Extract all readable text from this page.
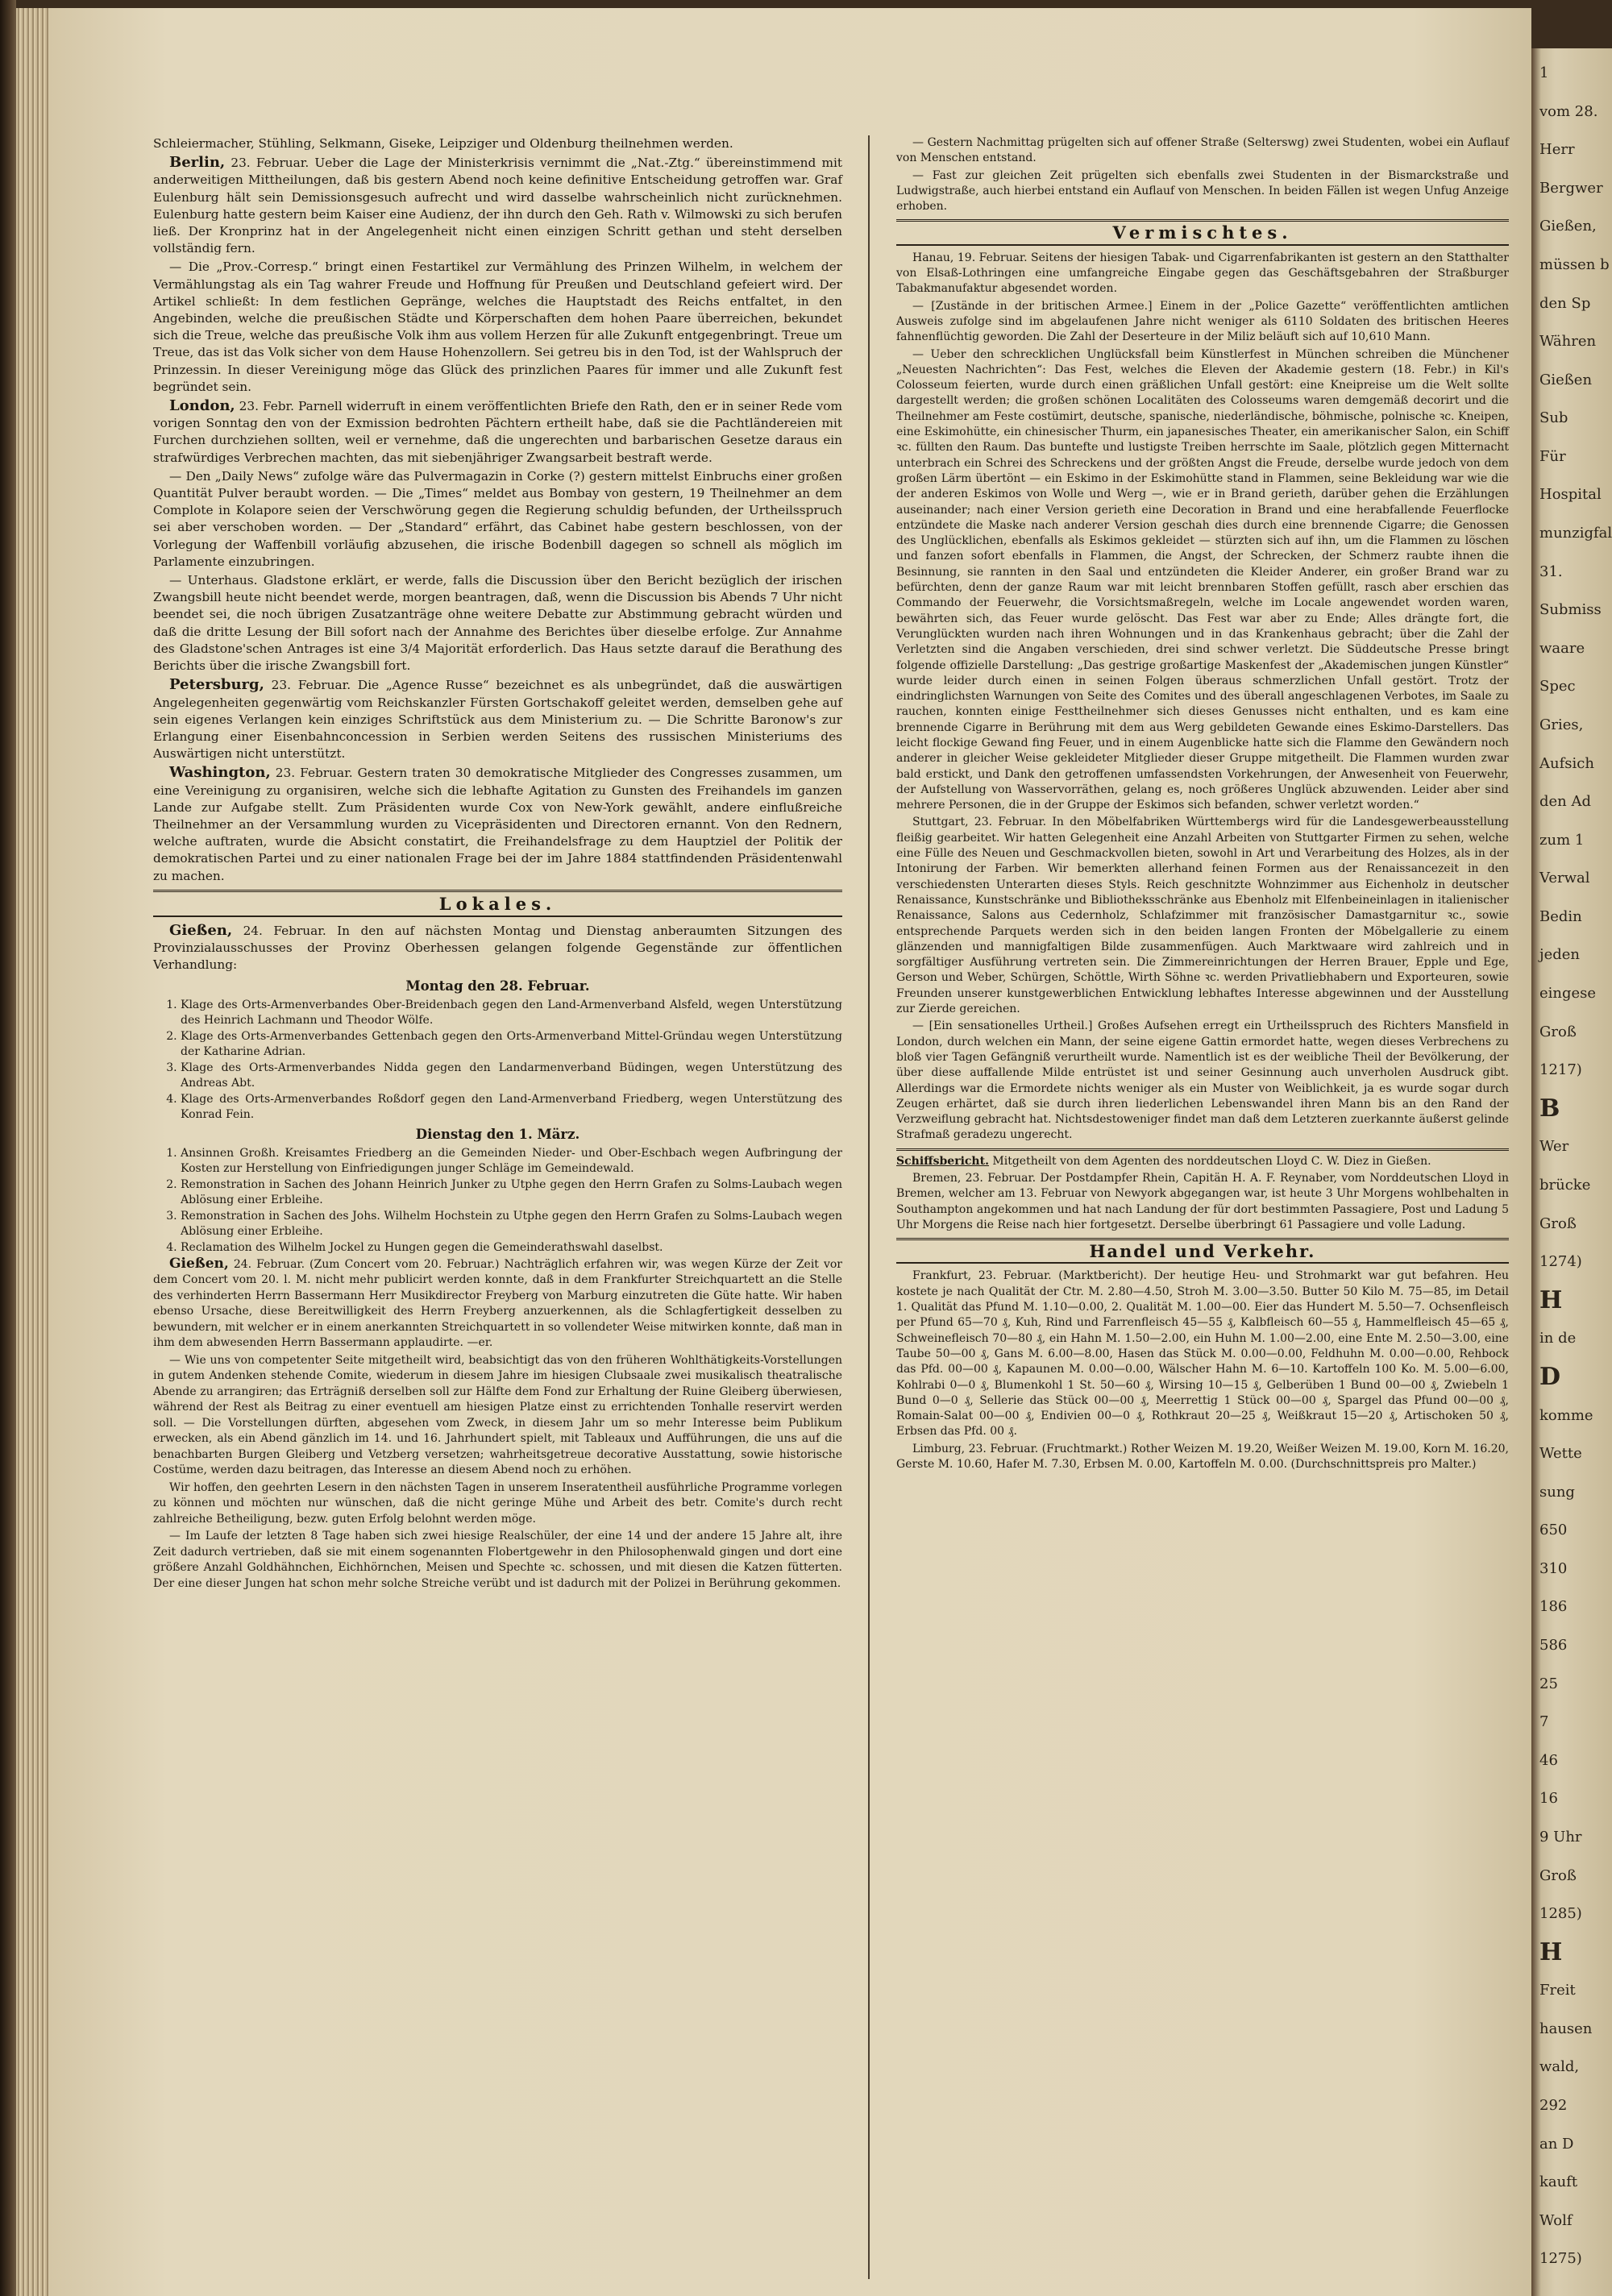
Schleiermacher, Stühling, Selkmann, Giseke, Leipziger und Oldenburg theilnehmen werden.

Berlin, 23. Februar. Ueber die Lage der Ministerkrisis vernimmt die „Nat.-Ztg.“ übereinstimmend mit anderweitigen Mittheilungen, daß bis gestern Abend noch keine definitive Entscheidung getroffen war. Graf Eulenburg hält sein Demissionsgesuch aufrecht und wird dasselbe wahrscheinlich nicht zurücknehmen. Eulenburg hatte gestern beim Kaiser eine Audienz, der ihn durch den Geh. Rath v. Wilmowski zu sich berufen ließ. Der Kronprinz hat in der Angelegenheit nicht einen einzigen Schritt gethan und steht derselben vollständig fern.

— Die „Prov.-Corresp.“ bringt einen Festartikel zur Vermählung des Prinzen Wilhelm, in welchem der Vermählungstag als ein Tag wahrer Freude und Hoffnung für Preußen und Deutschland gefeiert wird. Der Artikel schließt: In dem festlichen Gepränge, welches die Hauptstadt des Reichs entfaltet, in den Angebinden, welche die preußischen Städte und Körperschaften dem hohen Paare überreichen, bekundet sich die Treue, welche das preußische Volk ihm aus vollem Herzen für alle Zukunft entgegenbringt. Treue um Treue, das ist das Volk sicher von dem Hause Hohenzollern. Sei getreu bis in den Tod, ist der Wahlspruch der Prinzessin. In dieser Vereinigung möge das Glück des prinzlichen Paares für immer und alle Zukunft fest begründet sein.

London, 23. Febr. Parnell widerruft in einem veröffentlichten Briefe den Rath, den er in seiner Rede vom vorigen Sonntag den von der Exmission bedrohten Pächtern ertheilt habe, daß sie die Pachtländereien mit Furchen durchziehen sollten, weil er vernehme, daß die ungerechten und barbarischen Gesetze daraus ein strafwürdiges Verbrechen machten, das mit siebenjähriger Zwangsarbeit bestraft werde.

— Den „Daily News“ zufolge wäre das Pulvermagazin in Corke (?) gestern mittelst Einbruchs einer großen Quantität Pulver beraubt worden. — Die „Times“ meldet aus Bombay von gestern, 19 Theilnehmer an dem Complote in Kolapore seien der Verschwörung gegen die Regierung schuldig befunden, der Urtheilsspruch sei aber verschoben worden. — Der „Standard“ erfährt, das Cabinet habe gestern beschlossen, von der Vorlegung der Waffenbill vorläufig abzusehen, die irische Bodenbill dagegen so schnell als möglich im Parlamente einzubringen.

— Unterhaus. Gladstone erklärt, er werde, falls die Discussion über den Bericht bezüglich der irischen Zwangsbill heute nicht beendet werde, morgen beantragen, daß, wenn die Discussion bis Abends 7 Uhr nicht beendet sei, die noch übrigen Zusatzanträge ohne weitere Debatte zur Abstimmung gebracht würden und daß die dritte Lesung der Bill sofort nach der Annahme des Berichtes über dieselbe erfolge. Zur Annahme des Gladstone'schen Antrages ist eine 3/4 Majorität erforderlich. Das Haus setzte darauf die Berathung des Berichts über die irische Zwangsbill fort.

Petersburg, 23. Februar. Die „Agence Russe“ bezeichnet es als unbegründet, daß die auswärtigen Angelegenheiten gegenwärtig vom Reichskanzler Fürsten Gortschakoff geleitet werden, demselben gehe auf sein eigenes Verlangen kein einziges Schriftstück aus dem Ministerium zu. — Die Schritte Baronow's zur Erlangung einer Eisenbahnconcession in Serbien werden Seitens des russischen Ministeriums des Auswärtigen nicht unterstützt.

Washington, 23. Februar. Gestern traten 30 demokratische Mitglieder des Congresses zusammen, um eine Vereinigung zu organisiren, welche sich die lebhafte Agitation zu Gunsten des Freihandels im ganzen Lande zur Aufgabe stellt. Zum Präsidenten wurde Cox von New-York gewählt, andere einflußreiche Theilnehmer an der Versammlung wurden zu Vicepräsidenten und Directoren ernannt. Von den Rednern, welche auftraten, wurde die Absicht constatirt, die Freihandelsfrage zu dem Hauptziel der Politik der demokratischen Partei und zu einer nationalen Frage bei der im Jahre 1884 stattfindenden Präsidentenwahl zu machen.

Lokales.

Gießen, 24. Februar. In den auf nächsten Montag und Dienstag anberaumten Sitzungen des Provinzialausschusses der Provinz Oberhessen gelangen folgende Gegenstände zur öffentlichen Verhandlung:

Montag den 28. Februar.
1. Klage des Orts-Armenverbandes Ober-Breidenbach gegen den Land-Armenverband Alsfeld, wegen Unterstützung des Heinrich Lachmann und Theodor Wölfe.
2. Klage des Orts-Armenverbandes Gettenbach gegen den Orts-Armenverband Mittel-Gründau wegen Unterstützung der Katharine Adrian.
3. Klage des Orts-Armenverbandes Nidda gegen den Landarmenverband Büdingen, wegen Unterstützung des Andreas Abt.
4. Klage des Orts-Armenverbandes Roßdorf gegen den Land-Armenverband Friedberg, wegen Unterstützung des Konrad Fein.
Dienstag den 1. März.
1. Ansinnen Großh. Kreisamtes Friedberg an die Gemeinden Nieder- und Ober-Eschbach wegen Aufbringung der Kosten zur Herstellung von Einfriedigungen junger Schläge im Gemeindewald.
2. Remonstration in Sachen des Johann Heinrich Junker zu Utphe gegen den Herrn Grafen zu Solms-Laubach wegen Ablösung einer Erbleihe.
3. Remonstration in Sachen des Johs. Wilhelm Hochstein zu Utphe gegen den Herrn Grafen zu Solms-Laubach wegen Ablösung einer Erbleihe.
4. Reclamation des Wilhelm Jockel zu Hungen gegen die Gemeinderathswahl daselbst.

Gießen, 24. Februar. (Zum Concert vom 20. Februar.) Nachträglich erfahren wir, was wegen Kürze der Zeit vor dem Concert vom 20. l. M. nicht mehr publicirt werden konnte, daß in dem Frankfurter Streichquartett an die Stelle des verhinderten Herrn Bassermann Herr Musikdirector Freyberg von Marburg einzutreten die Güte hatte. Wir haben ebenso Ursache, diese Bereitwilligkeit des Herrn Freyberg anzuerkennen, als die Schlagfertigkeit desselben zu bewundern, mit welcher er in einem anerkannten Streichquartett in so vollendeter Weise mitwirken konnte, daß man in ihm dem abwesenden Herrn Bassermann applaudirte. —er.

— Wie uns von competenter Seite mitgetheilt wird, beabsichtigt das von den früheren Wohlthätigkeits-Vorstellungen in gutem Andenken stehende Comite, wiederum in diesem Jahre im hiesigen Clubsaale zwei musikalisch theatralische Abende zu arrangiren; das Erträgniß derselben soll zur Hälfte dem Fond zur Erhaltung der Ruine Gleiberg überwiesen, während der Rest als Beitrag zu einer eventuell am hiesigen Platze einst zu errichtenden Tonhalle reservirt werden soll. — Die Vorstellungen dürften, abgesehen vom Zweck, in diesem Jahr um so mehr Interesse beim Publikum erwecken, als ein Abend gänzlich im 14. und 16. Jahrhundert spielt, mit Tableaux und Aufführungen, die uns auf die benachbarten Burgen Gleiberg und Vetzberg versetzen; wahrheitsgetreue decorative Ausstattung, sowie historische Costüme, werden dazu beitragen, das Interesse an diesem Abend noch zu erhöhen.

Wir hoffen, den geehrten Lesern in den nächsten Tagen in unserem Inseratentheil ausführliche Programme vorlegen zu können und möchten nur wünschen, daß die nicht geringe Mühe und Arbeit des betr. Comite's durch recht zahlreiche Betheiligung, bezw. guten Erfolg belohnt werden möge.

— Im Laufe der letzten 8 Tage haben sich zwei hiesige Realschüler, der eine 14 und der andere 15 Jahre alt, ihre Zeit dadurch vertrieben, daß sie mit einem sogenannten Flobertgewehr in den Philosophenwald gingen und dort eine größere Anzahl Goldhähnchen, Eichhörnchen, Meisen und Spechte ꝛc. schossen, und mit diesen die Katzen fütterten. Der eine dieser Jungen hat schon mehr solche Streiche verübt und ist dadurch mit der Polizei in Berührung gekommen.

— Gestern Nachmittag prügelten sich auf offener Straße (Selterswg) zwei Studenten, wobei ein Auflauf von Menschen entstand.

— Fast zur gleichen Zeit prügelten sich ebenfalls zwei Studenten in der Bismarckstraße und Ludwigstraße, auch hierbei entstand ein Auflauf von Menschen. In beiden Fällen ist wegen Unfug Anzeige erhoben.

Vermischtes.

Hanau, 19. Februar. Seitens der hiesigen Tabak- und Cigarrenfabrikanten ist gestern an den Statthalter von Elsaß-Lothringen eine umfangreiche Eingabe gegen das Geschäftsgebahren der Straßburger Tabakmanufaktur abgesendet worden.

— [Zustände in der britischen Armee.] Einem in der „Police Gazette“ veröffentlichten amtlichen Ausweis zufolge sind im abgelaufenen Jahre nicht weniger als 6110 Soldaten des britischen Heeres fahnenflüchtig geworden. Die Zahl der Deserteure in der Miliz beläuft sich auf 10,610 Mann.

— Ueber den schrecklichen Unglücksfall beim Künstlerfest in München schreiben die Münchener „Neuesten Nachrichten“: Das Fest, welches die Eleven der Akademie gestern (18. Febr.) in Kil's Colosseum feierten, wurde durch einen gräßlichen Unfall gestört: eine Kneipreise um die Welt sollte dargestellt werden; die großen schönen Localitäten des Colosseums waren demgemäß decorirt und die Theilnehmer am Feste costümirt, deutsche, spanische, niederländische, böhmische, polnische ꝛc. Kneipen, eine Eskimohütte, ein chinesischer Thurm, ein japanesisches Theater, ein amerikanischer Salon, ein Schiff ꝛc. füllten den Raum. Das buntefte und lustigste Treiben herrschte im Saale, plötzlich gegen Mitternacht unterbrach ein Schrei des Schreckens und der größten Angst die Freude, derselbe wurde jedoch von dem großen Lärm übertönt — ein Eskimo in der Eskimohütte stand in Flammen, seine Bekleidung war wie die der anderen Eskimos von Wolle und Werg —, wie er in Brand gerieth, darüber gehen die Erzählungen auseinander; nach einer Version gerieth eine Decoration in Brand und eine herabfallende Feuerflocke entzündete die Maske nach anderer Version geschah dies durch eine brennende Cigarre; die Genossen des Unglücklichen, ebenfalls als Eskimos gekleidet — stürzten sich auf ihn, um die Flammen zu löschen und fanzen sofort ebenfalls in Flammen, die Angst, der Schrecken, der Schmerz raubte ihnen die Besinnung, sie rannten in den Saal und entzündeten die Kleider Anderer, ein großer Brand war zu befürchten, denn der ganze Raum war mit leicht brennbaren Stoffen gefüllt, rasch aber erschien das Commando der Feuerwehr, die Vorsichtsmaßregeln, welche im Locale angewendet worden waren, bewährten sich, das Feuer wurde gelöscht. Das Fest war aber zu Ende; Alles drängte fort, die Verunglückten wurden nach ihren Wohnungen und in das Krankenhaus gebracht; über die Zahl der Verletzten sind die Angaben verschieden, drei sind schwer verletzt. Die Süddeutsche Presse bringt folgende offizielle Darstellung: „Das gestrige großartige Maskenfest der „Akademischen jungen Künstler“ wurde leider durch einen in seinen Folgen überaus schmerzlichen Unfall gestört. Trotz der eindringlichsten Warnungen von Seite des Comites und des überall angeschlagenen Verbotes, im Saale zu rauchen, konnten einige Festtheilnehmer sich dieses Genusses nicht enthalten, und es kam eine brennende Cigarre in Berührung mit dem aus Werg gebildeten Gewande eines Eskimo-Darstellers. Das leicht flockige Gewand fing Feuer, und in einem Augenblicke hatte sich die Flamme den Gewändern noch anderer in gleicher Weise gekleideter Mitglieder dieser Gruppe mitgetheilt. Die Flammen wurden zwar bald erstickt, und Dank den getroffenen umfassendsten Vorkehrungen, der Anwesenheit von Feuerwehr, der Aufstellung von Wasservorräthen, gelang es, noch größeres Unglück abzuwenden. Leider aber sind mehrere Personen, die in der Gruppe der Eskimos sich befanden, schwer verletzt worden.“

Stuttgart, 23. Februar. In den Möbelfabriken Württembergs wird für die Landesgewerbeausstellung fleißig gearbeitet. Wir hatten Gelegenheit eine Anzahl Arbeiten von Stuttgarter Firmen zu sehen, welche eine Fülle des Neuen und Geschmackvollen bieten, sowohl in Art und Verarbeitung des Holzes, als in der Intonirung der Farben. Wir bemerkten allerhand feinen Formen aus der Renaissancezeit in den verschiedensten Unterarten dieses Styls. Reich geschnitzte Wohnzimmer aus Eichenholz in deutscher Renaissance, Kunstschränke und Bibliotheksschränke aus Ebenholz mit Elfenbeineinlagen in italienischer Renaissance, Salons aus Cedernholz, Schlafzimmer mit französischer Damastgarnitur ꝛc., sowie entsprechende Parquets werden sich in den beiden langen Fronten der Möbelgallerie zu einem glänzenden und mannigfaltigen Bilde zusammenfügen. Auch Marktwaare wird zahlreich und in sorgfältiger Ausführung vertreten sein. Die Zimmereinrichtungen der Herren Brauer, Epple und Ege, Gerson und Weber, Schürgen, Schöttle, Wirth Söhne ꝛc. werden Privatliebhabern und Exporteuren, sowie Freunden unserer kunstgewerblichen Entwicklung lebhaftes Interesse abgewinnen und der Ausstellung zur Zierde gereichen.

— [Ein sensationelles Urtheil.] Großes Aufsehen erregt ein Urtheilsspruch des Richters Mansfield in London, durch welchen ein Mann, der seine eigene Gattin ermordet hatte, wegen dieses Verbrechens zu bloß vier Tagen Gefängniß verurtheilt wurde. Namentlich ist es der weibliche Theil der Bevölkerung, der über diese auffallende Milde entrüstet ist und seiner Gesinnung auch unverholen Ausdruck gibt. Allerdings war die Ermordete nichts weniger als ein Muster von Weiblichkeit, ja es wurde sogar durch Zeugen erhärtet, daß sie durch ihren liederlichen Lebenswandel ihren Mann bis an den Rand der Verzweiflung gebracht hat. Nichtsdestoweniger findet man daß dem Letzteren zuerkannte äußerst gelinde Strafmaß geradezu ungerecht.

Schiffsbericht. Mitgetheilt von dem Agenten des norddeutschen Lloyd C. W. Diez in Gießen.

Bremen, 23. Februar. Der Postdampfer Rhein, Capitän H. A. F. Reynaber, vom Norddeutschen Lloyd in Bremen, welcher am 13. Februar von Newyork abgegangen war, ist heute 3 Uhr Morgens wohlbehalten in Southampton angekommen und hat nach Landung der für dort bestimmten Passagiere, Post und Ladung 5 Uhr Morgens die Reise nach hier fortgesetzt. Derselbe überbringt 61 Passagiere und volle Ladung.

Handel und Verkehr.

Frankfurt, 23. Februar. (Marktbericht). Der heutige Heu- und Strohmarkt war gut befahren. Heu kostete je nach Qualität der Ctr. M. 2.80—4.50, Stroh M. 3.00—3.50. Butter 50 Kilo M. 75—85, im Detail 1. Qualität das Pfund M. 1.10—0.00, 2. Qualität M. 1.00—00. Eier das Hundert M. 5.50—7. Ochsenfleisch per Pfund 65—70 ₰, Kuh, Rind und Farrenfleisch 45—55 ₰, Kalbfleisch 60—55 ₰, Hammelfleisch 45—65 ₰, Schweinefleisch 70—80 ₰, ein Hahn M. 1.50—2.00, ein Huhn M. 1.00—2.00, eine Ente M. 2.50—3.00, eine Taube 50—00 ₰, Gans M. 6.00—8.00, Hasen das Stück M. 0.00—0.00, Feldhuhn M. 0.00—0.00, Rehbock das Pfd. 00—00 ₰, Kapaunen M. 0.00—0.00, Wälscher Hahn M. 6—10. Kartoffeln 100 Ko. M. 5.00—6.00, Kohlrabi 0—0 ₰, Blumenkohl 1 St. 50—60 ₰, Wirsing 10—15 ₰, Gelberüben 1 Bund 00—00 ₰, Zwiebeln 1 Bund 0—0 ₰, Sellerie das Stück 00—00 ₰, Meerrettig 1 Stück 00—00 ₰, Spargel das Pfund 00—00 ₰, Romain-Salat 00—00 ₰, Endivien 00—0 ₰, Rothkraut 20—25 ₰, Weißkraut 15—20 ₰, Artischoken 50 ₰, Erbsen das Pfd. 00 ₰.

Limburg, 23. Februar. (Fruchtmarkt.) Rother Weizen M. 19.20, Weißer Weizen M. 19.00, Korn M. 16.20, Gerste M. 10.60, Hafer M. 7.30, Erbsen M. 0.00, Kartoffeln M. 0.00. (Durchschnittspreis pro Malter.)

1
vom 28.
Herr
Bergwer
Gießen,
müssen b
den Sp
Währen
Gießen
Sub
Für
Hospital
munzigfal
31.
Submiss
waare
Spec
Gries,
Aufsich
den Ad
zum 1
Verwal
Bedin
jeden
eingese
Groß
1217)
B
Wer
brücke
Groß
1274)
H
in de
D
komme
Wette
sung
650
310
186
586
25
7
46
16
9 Uhr
Groß
1285)
H
Freit
hausen
wald,
292
an D
kauft
Wolf
1275)
